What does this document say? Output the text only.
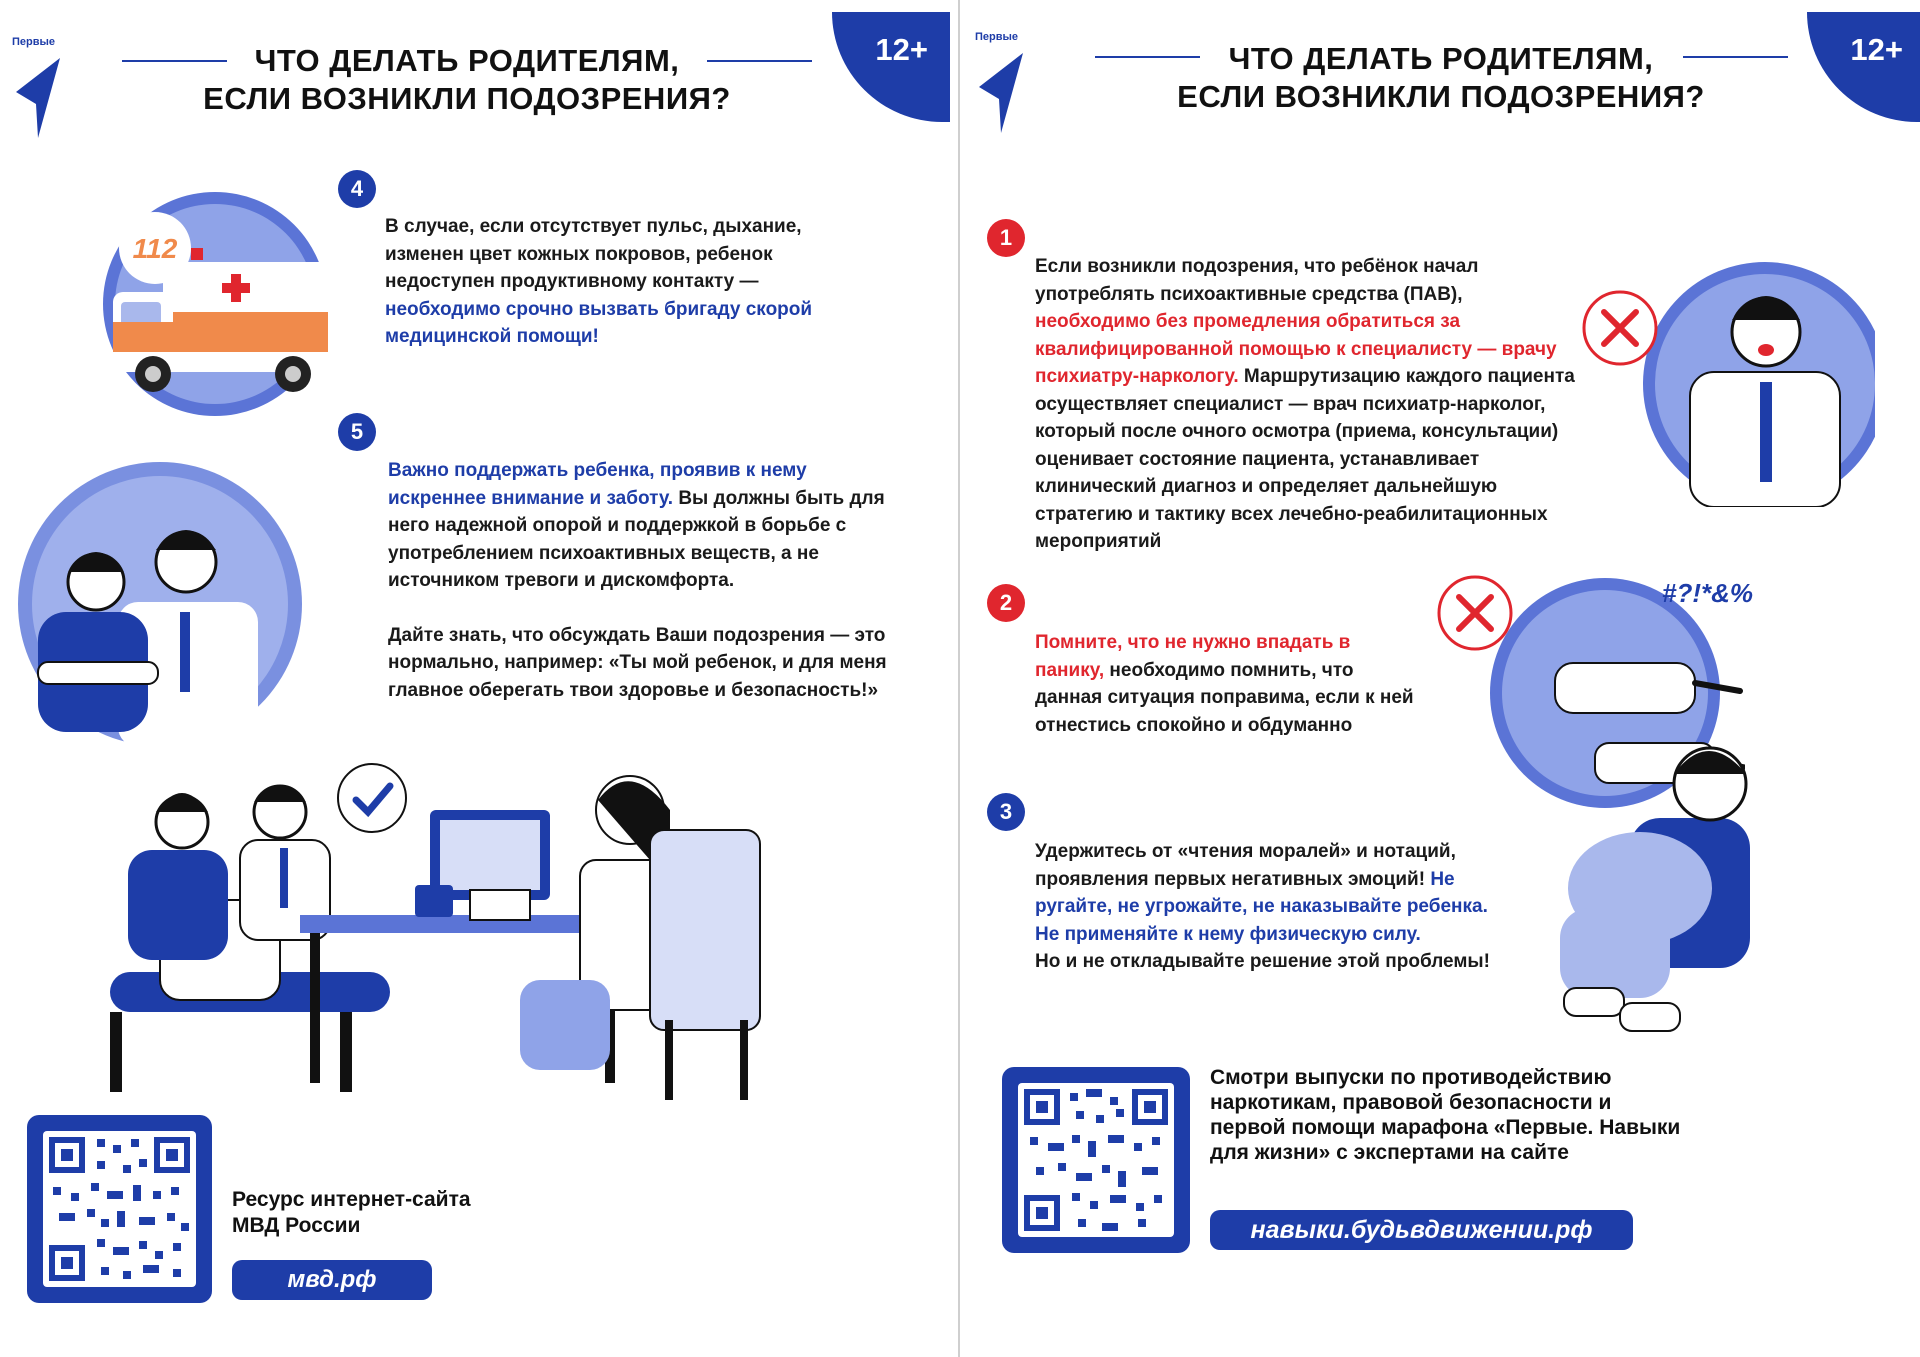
Первые
ЧТО ДЕЛАТЬ РОДИТЕЛЯМ,
ЕСЛИ ВОЗНИКЛИ ПОДОЗРЕНИЯ?
12+
4
112
В случае, если отсутствует пульс, дыхание, изменен цвет кожных покровов, ребенок недоступен продуктивному контакту — необходимо срочно вызвать бригаду скорой медицинской помощи!
5

Важно поддержать ребенка, проявив к нему искреннее внимание и заботу. Вы должны быть для него надежной опорой и поддержкой в борьбе с употреблением психоактивных веществ, а не источником тревоги и дискомфорта.

Дайте знать, что обсуждать Ваши подозрения — это нормально, например: «Ты мой ребенок, и для меня главное оберегать твои здоровье и безопасность!»

Ресурс интернет-сайта
МВД России
мвд.рф
Первые
ЧТО ДЕЛАТЬ РОДИТЕЛЯМ,
ЕСЛИ ВОЗНИКЛИ ПОДОЗРЕНИЯ?
12+
1
Если возникли подозрения, что ребёнок начал употреблять психоактивные средства (ПАВ), необходимо без промедления обратиться за квалифицированной помощью к специалисту — врачу психиатру-наркологу. Маршрутизацию каждого пациента осуществляет специалист — врач психиатр-нарколог, который после очного осмотра (приема, консультации) оценивает состояние пациента, устанавливает клинический диагноз и определяет дальнейшую стратегию и тактику всех лечебно-реабилитационных мероприятий
2
Помните, что не нужно впадать в панику, необходимо помнить, что данная ситуация поправима, если к ней отнестись спокойно и обдуманно
#?!*&%
3
Удержитесь от «чтения моралей» и нотаций, проявления первых негативных эмоций! Не ругайте, не угрожайте, не наказывайте ребенка. Не применяйте к нему физическую силу.

Но и не откладывайте решение этой проблемы!

Смотри выпуски по противодействию наркотикам, правовой безопасности и первой помощи марафона «Первые. Навыки для жизни» с экспертами на сайте
навыки.будьвдвижении.рф
